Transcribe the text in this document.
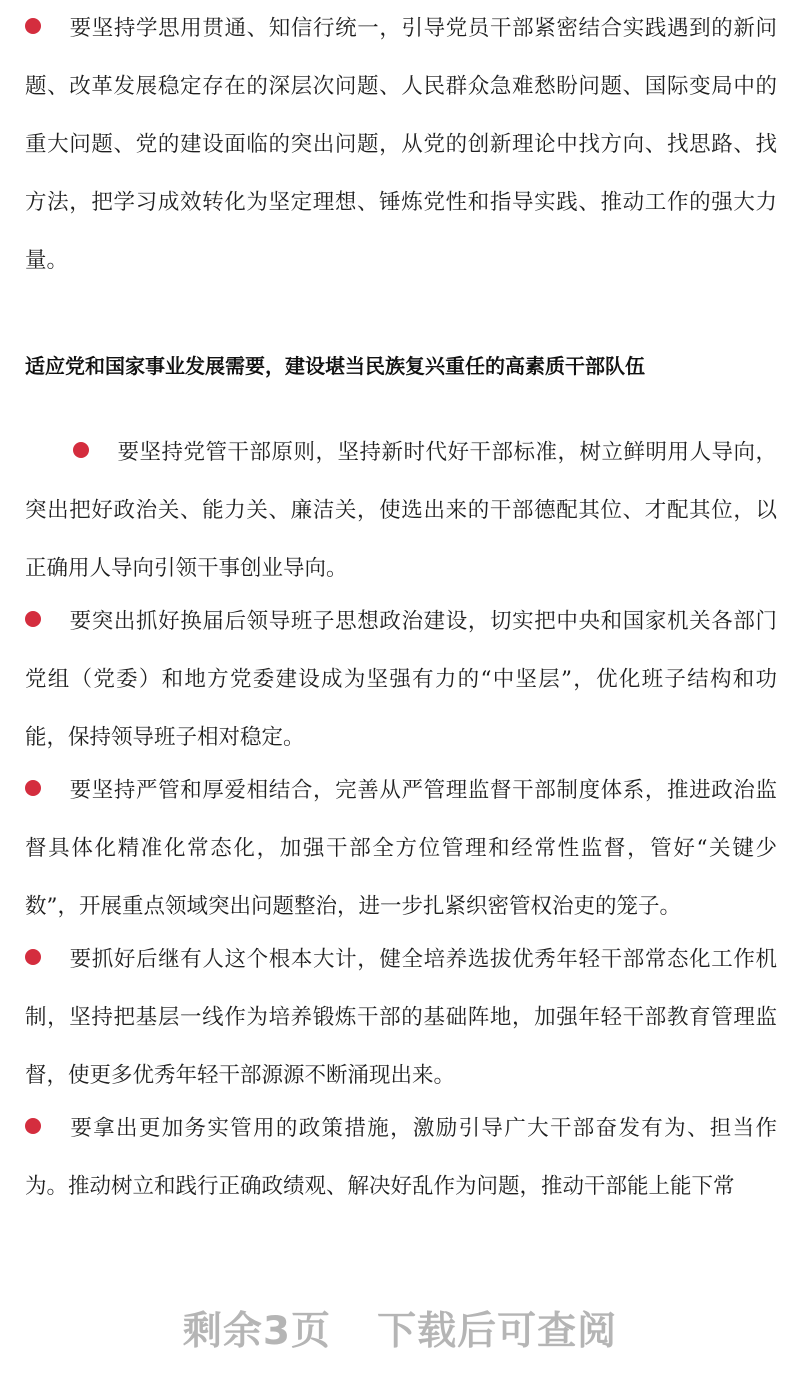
要坚持学思用贯通、知信行统一，引导党员干部紧密结合实践遇到的新问题、改革发展稳定存在的深层次问题、人民群众急难愁盼问题、国际变局中的重大问题、党的建设面临的突出问题，从党的创新理论中找方向、找思路、找方法，把学习成效转化为坚定理想、锤炼党性和指导实践、推动工作的强大力量。

适应党和国家事业发展需要，建设堪当民族复兴重任的高素质干部队伍

要坚持党管干部原则，坚持新时代好干部标准，树立鲜明用人导向，突出把好政治关、能力关、廉洁关，使选出来的干部德配其位、才配其位，以正确用人导向引领干事创业导向。

要突出抓好换届后领导班子思想政治建设，切实把中央和国家机关各部门党组（党委）和地方党委建设成为坚强有力的“中坚层”，优化班子结构和功能，保持领导班子相对稳定。

要坚持严管和厚爱相结合，完善从严管理监督干部制度体系，推进政治监督具体化精准化常态化，加强干部全方位管理和经常性监督，管好“关键少数”，开展重点领域突出问题整治，进一步扎紧织密管权治吏的笼子。

要抓好后继有人这个根本大计，健全培养选拔优秀年轻干部常态化工作机制，坚持把基层一线作为培养锻炼干部的基础阵地，加强年轻干部教育管理监督，使更多优秀年轻干部源源不断涌现出来。

要拿出更加务实管用的政策措施，激励引导广大干部奋发有为、担当作为。推动树立和践行正确政绩观、解决好乱作为问题，推动干部能上能下常

剩余3页 下载后可查阅
